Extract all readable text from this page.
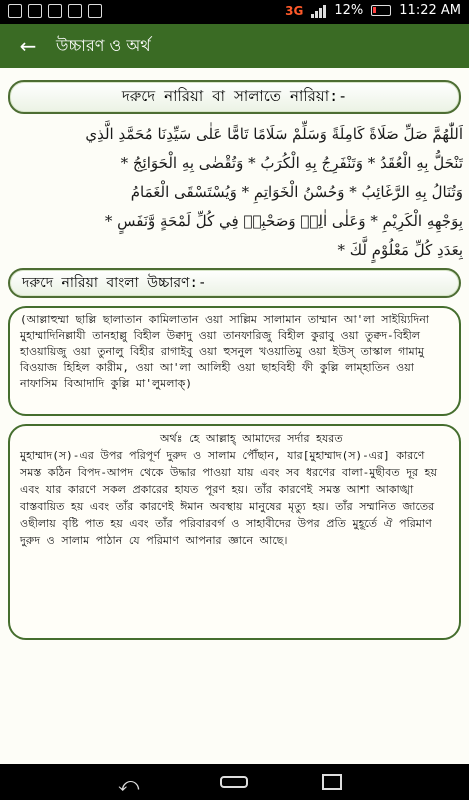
3G 12%	11:22 AM
←	উচ্চারণ ও অর্থ
দরুদে নারিয়া বা সালাতে নারিয়া:-
اَللّٰهُمَّ صَلِّ صَلَاةً كَامِلَةً وَسَلِّمْ سَلَامًا تَامًّا عَلٰى سَيِّدِنَا مُحَمَّدِ الَّذِي
تَنْحَلُّ بِهِ الْعُقَدُ * وَتَنْفَرِجُ بِهِ الْكُرَبُ * وَتُقْضٰى بِهِ الْحَوَائِجُ *
وَتُنَالُ بِهِ الرَّغَائِبُ * وَحُسْنُ الْخَوَاتِمِ * وَيُسْتَسْقَى الْغَمَامُ
بِوَجْهِهِ الْكَرِيْمِ * وَعَلٰى اٰلِهٖ وَصَحْبِهٖ فِي كُلِّ لَمْحَةٍ وَّنَفَسٍ *
بِعَدَدِ كُلِّ مَعْلُوْمٍ لَّكَ *
দরুদে নারিয়া বাংলা উচ্চারণ:-

(আল্লাহুম্মা ছাল্লি ছালাতান কামিলাতান ওয়া সাল্লিম সালামান তাম্মান আ'লা সাইয়্যিদিনা মুহাম্মাদিনিল্লাযী তানহাল্লু বিহীল উক্বাদু ওয়া তানফারিজু বিহীল কুরাবু ওয়া তুক্বদ-বিহীল হাওয়ায়িজু ওয়া তুনালু বিহীর রাগাইবু ওয়া হুসনুল খওয়াতিমু ওয়া ইউস্ তাস্কাল গামামু বিওয়াজ হিহিল কারীম, ওয়া আ'লা আলিহী ওয়া ছাহবিহী ফী কুল্লি লাম্হাতিন ওয়া নাফাসিম বিআদাদি কুল্লি মা'লুমলাক্)

অর্থঃ হে আল্লাহ্‌ আমাদের সর্দার হযরত

মুহাম্মাদ(স)-এর উপর পরিপূর্ণ দুরুদ ও সালাম পৌঁছান, যার[মুহাম্মাদ(স)-এর] কারণে সমস্ত কঠিন বিপদ-আপদ থেকে উদ্ধার পাওয়া যায় এবং সব ধরণের বালা-মুছীবত দূর হয় এবং যার কারণে সকল প্রকারের হাযত পূরণ হয়। তাঁর কারণেই সমস্ত আশা আকাঙ্খা বাস্তবায়িত হয় এবং তাঁর কারণেই ঈমান অবস্থায় মানুষের মৃত্যু হয়। তাঁর সম্মানিত জাতের ওছীলায় বৃষ্টি পাত হয় এবং তাঁর পরিবারবর্গ ও সাহাবীদের উপর প্রতি মুহূর্তে ঐ পরিমাণ দুরুদ ও সালাম পাঠান যে পরিমাণ আপনার জ্ঞানে আছে।

⤺
